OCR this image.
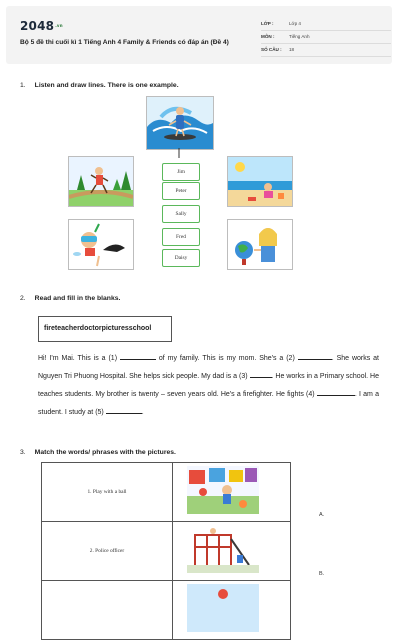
$2048^{.vn}$
Bộ 5 đề thi cuối kì 1 Tiếng Anh 4 Family & Friends có đáp án (Đề 4)
LỚP :	Lớp 4
MÔN :	Tiếng Anh
SỐ CÂU : 18
1. Listen and draw lines. There is one example.
Jim
Peter
Sally
Fred
Daisy
2. Read and fill in the blanks.
fireteacherdoctorpicturesschool
Hi! I'm Mai. This is a (1)	of my family. This is my mom. She's a (2)	. She works at Nguyen Tri Phuong Hospital. She helps sick people. My dad is a (3)	. He works in a Primary school. He teaches students. My brother is twenty – seven years old. He's a firefighter. He fights (4)	. I am a student. I study at (5)	.
3. Match the words/ phrases with the pictures.
1. Play with a ball	A.

2. Police officer	B.
